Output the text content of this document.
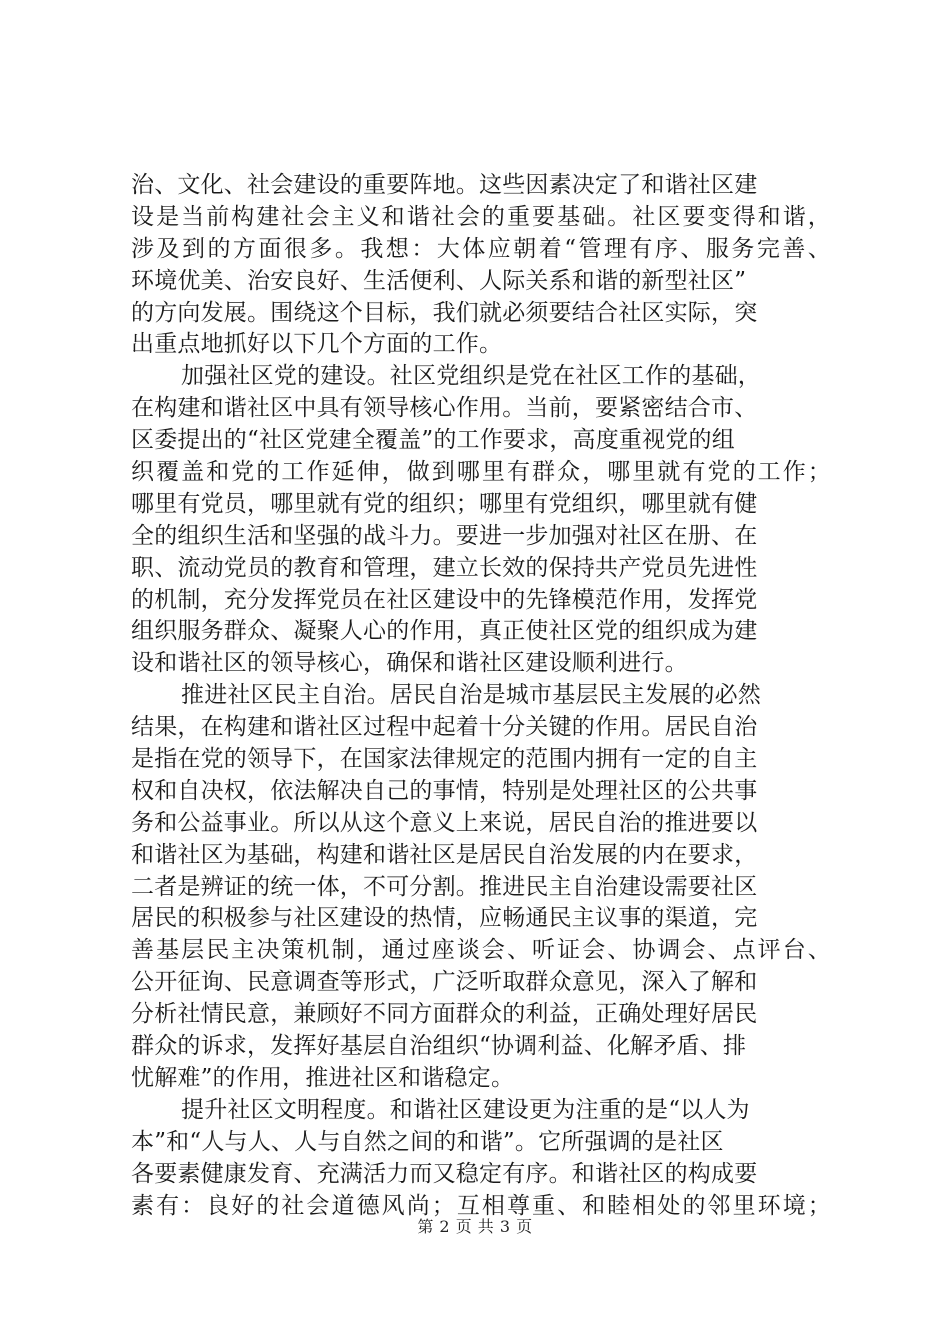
治、文化、社会建设的重要阵地。这些因素决定了和谐社区建
设是当前构建社会主义和谐社会的重要基础。社区要变得和谐，
涉及到的方面很多。我想：大体应朝着“管理有序、服务完善、
环境优美、治安良好、生活便利、人际关系和谐的新型社区”
的方向发展。围绕这个目标，我们就必须要结合社区实际，突
出重点地抓好以下几个方面的工作。
加强社区党的建设。社区党组织是党在社区工作的基础，
在构建和谐社区中具有领导核心作用。当前，要紧密结合市、
区委提出的“社区党建全覆盖”的工作要求，高度重视党的组
织覆盖和党的工作延伸，做到哪里有群众，哪里就有党的工作；
哪里有党员，哪里就有党的组织；哪里有党组织，哪里就有健
全的组织生活和坚强的战斗力。要进一步加强对社区在册、在
职、流动党员的教育和管理，建立长效的保持共产党员先进性
的机制，充分发挥党员在社区建设中的先锋模范作用，发挥党
组织服务群众、凝聚人心的作用，真正使社区党的组织成为建
设和谐社区的领导核心，确保和谐社区建设顺利进行。
推进社区民主自治。居民自治是城市基层民主发展的必然
结果，在构建和谐社区过程中起着十分关键的作用。居民自治
是指在党的领导下，在国家法律规定的范围内拥有一定的自主
权和自决权，依法解决自己的事情，特别是处理社区的公共事
务和公益事业。所以从这个意义上来说，居民自治的推进要以
和谐社区为基础，构建和谐社区是居民自治发展的内在要求，
二者是辨证的统一体，不可分割。推进民主自治建设需要社区
居民的积极参与社区建设的热情，应畅通民主议事的渠道，完
善基层民主决策机制，通过座谈会、听证会、协调会、点评台、
公开征询、民意调查等形式，广泛听取群众意见，深入了解和
分析社情民意，兼顾好不同方面群众的利益，正确处理好居民
群众的诉求，发挥好基层自治组织“协调利益、化解矛盾、排
忧解难”的作用，推进社区和谐稳定。
提升社区文明程度。和谐社区建设更为注重的是“以人为
本”和“人与人、人与自然之间的和谐”。它所强调的是社区
各要素健康发育、充满活力而又稳定有序。和谐社区的构成要
素有：良好的社会道德风尚；互相尊重、和睦相处的邻里环境；
第 2 页 共 3 页
